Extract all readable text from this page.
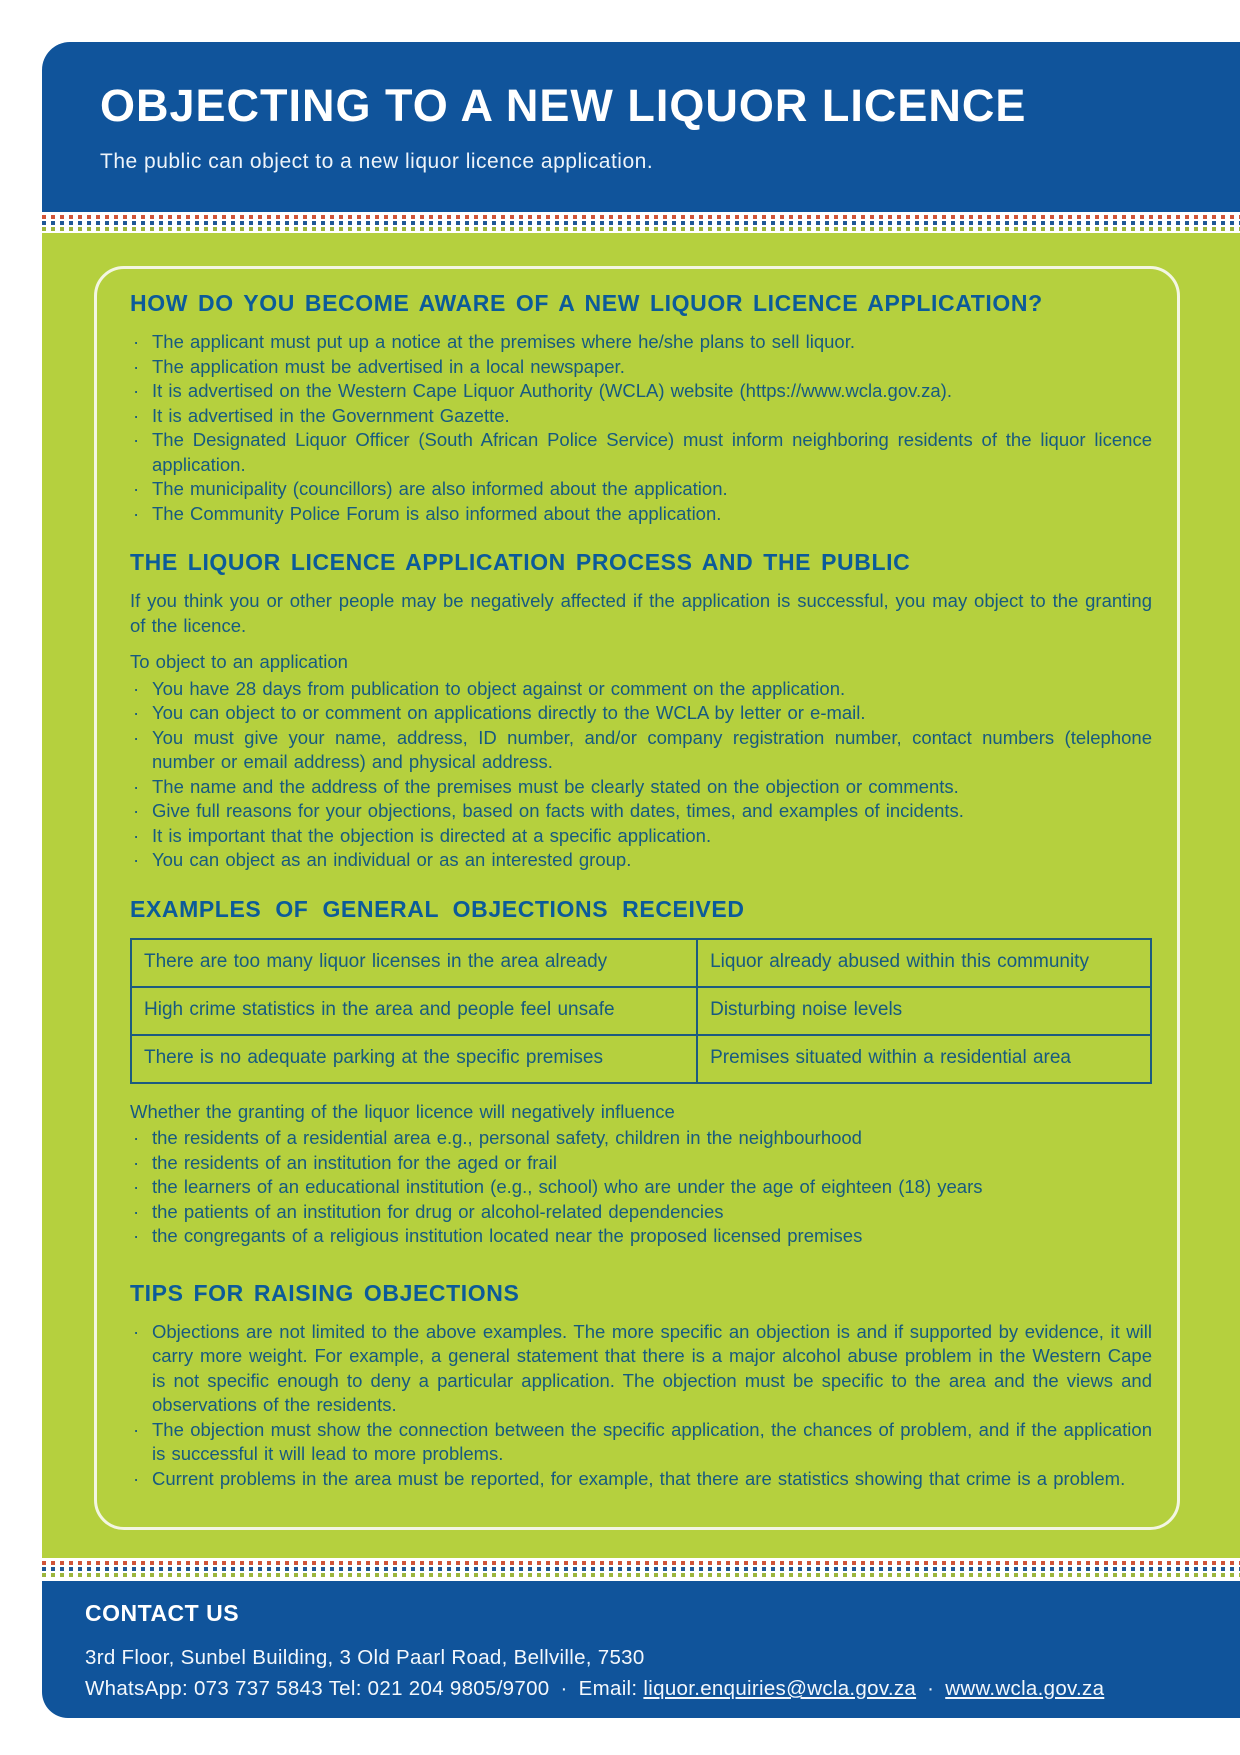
OBJECTING TO A NEW LIQUOR LICENCE
The public can object to a new liquor licence application.
HOW DO YOU BECOME AWARE OF A NEW LIQUOR LICENCE APPLICATION?
· The applicant must put up a notice at the premises where he/she plans to sell liquor.
· The application must be advertised in a local newspaper.
· It is advertised on the Western Cape Liquor Authority (WCLA) website (https://www.wcla.gov.za).
· It is advertised in the Government Gazette.
· The Designated Liquor Officer (South African Police Service) must inform neighboring residents of the liquor licence application.
· The municipality (councillors) are also informed about the application.
· The Community Police Forum is also informed about the application.
THE LIQUOR LICENCE APPLICATION PROCESS AND THE PUBLIC

If you think you or other people may be negatively affected if the application is successful, you may object to the granting of the licence.

To object to an application

· You have 28 days from publication to object against or comment on the application.
· You can object to or comment on applications directly to the WCLA by letter or e-mail.
· You must give your name, address, ID number, and/or company registration number, contact numbers (telephone number or email address) and physical address.
· The name and the address of the premises must be clearly stated on the objection or comments.
· Give full reasons for your objections, based on facts with dates, times, and examples of incidents.
· It is important that the objection is directed at a specific application.
· You can object as an individual or as an interested group.
EXAMPLES OF GENERAL OBJECTIONS RECEIVED
There are too many liquor licenses in the area already	Liquor already abused within this community
High crime statistics in the area and people feel unsafe	Disturbing noise levels
There is no adequate parking at the specific premises	Premises situated within a residential area

Whether the granting of the liquor licence will negatively influence

· the residents of a residential area e.g., personal safety, children in the neighbourhood
· the residents of an institution for the aged or frail
· the learners of an educational institution (e.g., school) who are under the age of eighteen (18) years
· the patients of an institution for drug or alcohol-related dependencies
· the congregants of a religious institution located near the proposed licensed premises
TIPS FOR RAISING OBJECTIONS
· Objections are not limited to the above examples. The more specific an objection is and if supported by evidence, it will carry more weight. For example, a general statement that there is a major alcohol abuse problem in the Western Cape is not specific enough to deny a particular application. The objection must be specific to the area and the views and observations of the residents.
· The objection must show the connection between the specific application, the chances of problem, and if the application is successful it will lead to more problems.
· Current problems in the area must be reported, for example, that there are statistics showing that crime is a problem.
CONTACT US
3rd Floor, Sunbel Building, 3 Old Paarl Road, Bellville, 7530
WhatsApp: 073 737 5843 Tel: 021 204 9805/9700 · Email: liquor.enquiries@wcla.gov.za · www.wcla.gov.za
